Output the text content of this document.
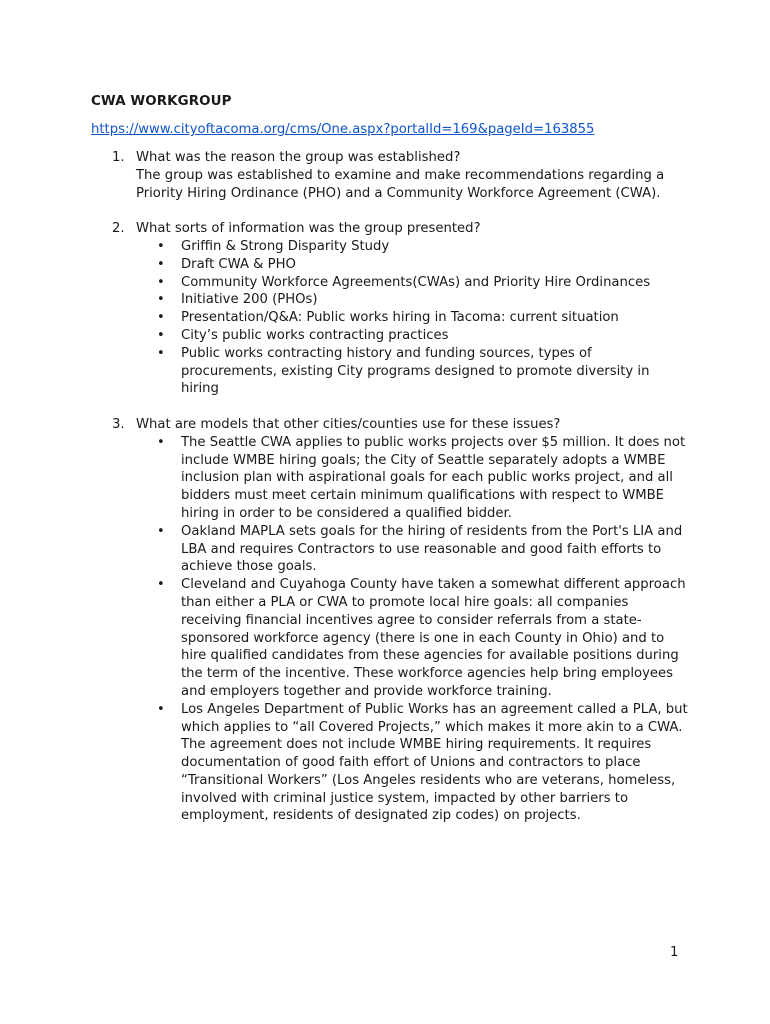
CWA WORKGROUP
https://www.cityoftacoma.org/cms/One.aspx?portalId=169&pageId=163855
1. What was the reason the group was established?
The group was established to examine and make recommendations regarding a Priority Hiring Ordinance (PHO) and a Community Workforce Agreement (CWA).
2. What sorts of information was the group presented?
• Griffin & Strong Disparity Study
• Draft CWA & PHO
• Community Workforce Agreements(CWAs) and Priority Hire Ordinances
• Initiative 200 (PHOs)
• Presentation/Q&A: Public works hiring in Tacoma: current situation
• City’s public works contracting practices
• Public works contracting history and funding sources, types of procurements, existing City programs designed to promote diversity in hiring
3. What are models that other cities/counties use for these issues?
• The Seattle CWA applies to public works projects over $5 million. It does not include WMBE hiring goals; the City of Seattle separately adopts a WMBE inclusion plan with aspirational goals for each public works project, and all bidders must meet certain minimum qualifications with respect to WMBE hiring in order to be considered a qualified bidder.
• Oakland MAPLA sets goals for the hiring of residents from the Port's LIA and LBA and requires Contractors to use reasonable and good faith efforts to achieve those goals.
• Cleveland and Cuyahoga County have taken a somewhat different approach than either a PLA or CWA to promote local hire goals: all companies receiving financial incentives agree to consider referrals from a state-sponsored workforce agency (there is one in each County in Ohio) and to hire qualified candidates from these agencies for available positions during the term of the incentive. These workforce agencies help bring employees and employers together and provide workforce training.
• Los Angeles Department of Public Works has an agreement called a PLA, but which applies to “all Covered Projects,” which makes it more akin to a CWA. The agreement does not include WMBE hiring requirements. It requires documentation of good faith effort of Unions and contractors to place “Transitional Workers” (Los Angeles residents who are veterans, homeless, involved with criminal justice system, impacted by other barriers to employment, residents of designated zip codes) on projects.
1
